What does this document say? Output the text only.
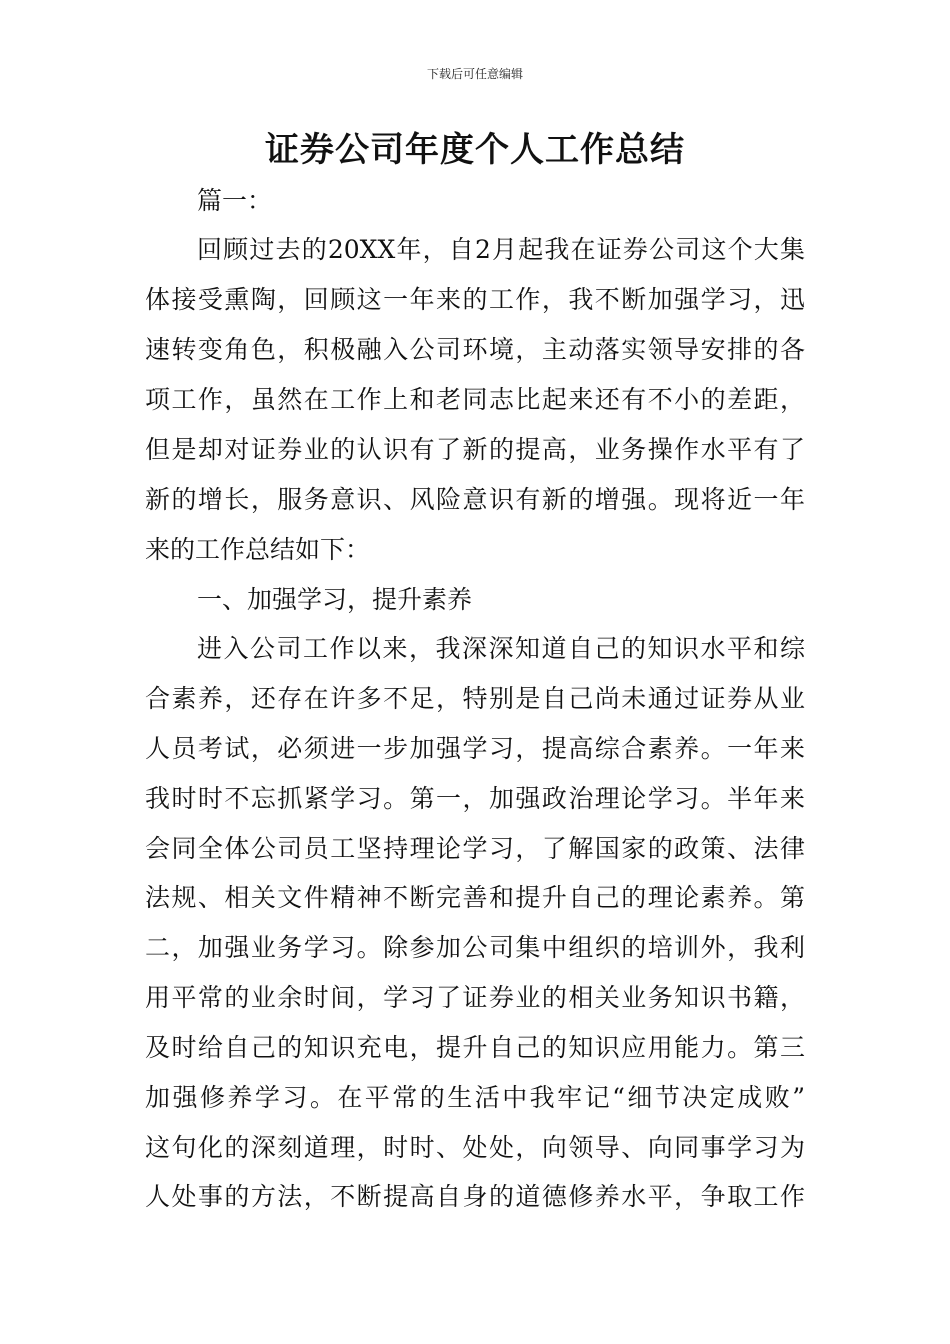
下载后可任意编辑
证券公司年度个人工作总结
篇一：
回顾过去的20XX年，自2月起我在证券公司这个大集
体接受熏陶，回顾这一年来的工作，我不断加强学习，迅
速转变角色，积极融入公司环境，主动落实领导安排的各
项工作，虽然在工作上和老同志比起来还有不小的差距，
但是却对证券业的认识有了新的提高，业务操作水平有了
新的增长，服务意识、风险意识有新的增强。现将近一年
来的工作总结如下：
一、加强学习，提升素养
进入公司工作以来，我深深知道自己的知识水平和综
合素养，还存在许多不足，特别是自己尚未通过证券从业
人员考试，必须进一步加强学习，提高综合素养。一年来
我时时不忘抓紧学习。第一，加强政治理论学习。半年来
会同全体公司员工坚持理论学习，了解国家的政策、法律
法规、相关文件精神不断完善和提升自己的理论素养。第
二，加强业务学习。除参加公司集中组织的培训外，我利
用平常的业余时间，学习了证券业的相关业务知识书籍，
及时给自己的知识充电，提升自己的知识应用能力。第三
加强修养学习。在平常的生活中我牢记“细节决定成败”
这句化的深刻道理，时时、处处，向领导、向同事学习为
人处事的方法，不断提高自身的道德修养水平，争取工作
